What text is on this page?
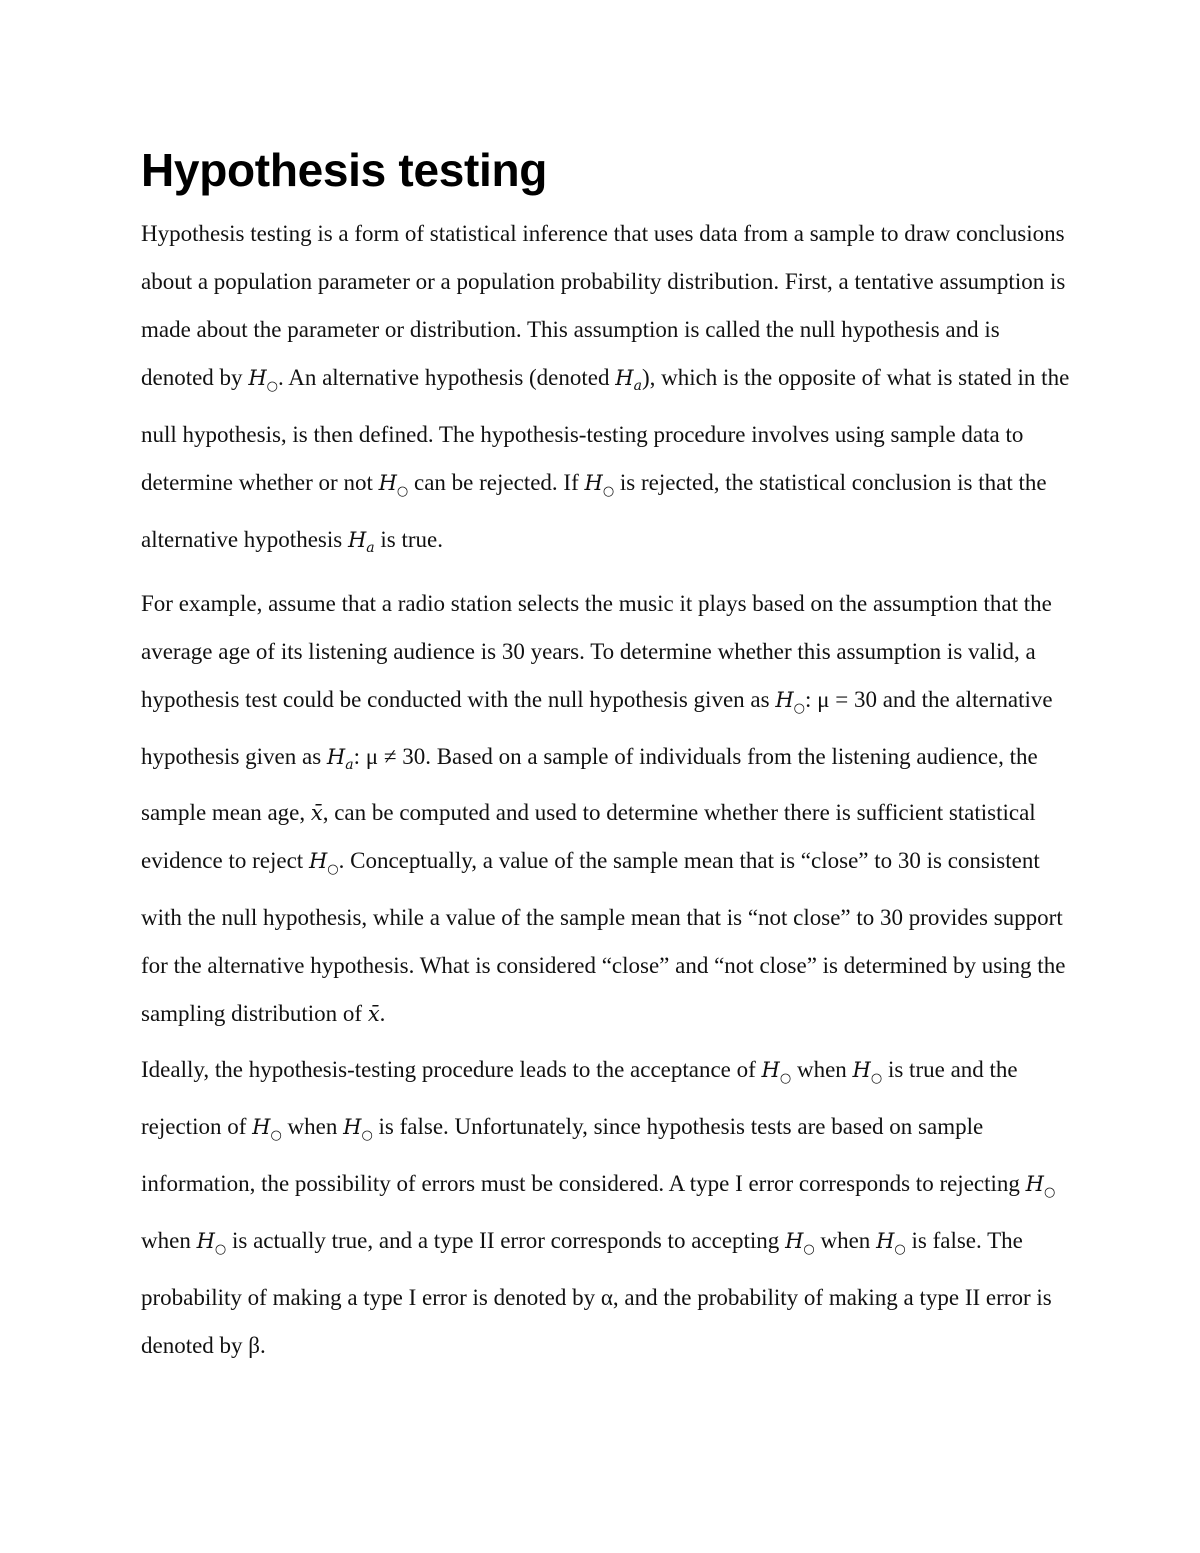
Hypothesis testing

Hypothesis testing is a form of statistical inference that uses data from a sample to draw conclusions about a population parameter or a population probability distribution. First, a tentative assumption is made about the parameter or distribution. This assumption is called the null hypothesis and is denoted by $H_○$. An alternative hypothesis (denoted $H_a$), which is the opposite of what is stated in the null hypothesis, is then defined. The hypothesis-testing procedure involves using sample data to determine whether or not $H_○$ can be rejected. If $H_○$ is rejected, the statistical conclusion is that the alternative hypothesis $H_a$ is true.

For example, assume that a radio station selects the music it plays based on the assumption that the average age of its listening audience is 30 years. To determine whether this assumption is valid, a hypothesis test could be conducted with the null hypothesis given as $H_○$: μ = 30 and the alternative hypothesis given as $H_a$: μ ≠ 30. Based on a sample of individuals from the listening audience, the sample mean age, x̄, can be computed and used to determine whether there is sufficient statistical evidence to reject $H_○$. Conceptually, a value of the sample mean that is “close” to 30 is consistent with the null hypothesis, while a value of the sample mean that is “not close” to 30 provides support for the alternative hypothesis. What is considered “close” and “not close” is determined by using the sampling distribution of x̄.

Ideally, the hypothesis-testing procedure leads to the acceptance of $H_○$ when $H_○$ is true and the rejection of $H_○$ when $H_○$ is false. Unfortunately, since hypothesis tests are based on sample information, the possibility of errors must be considered. A type I error corresponds to rejecting $H_○$ when $H_○$ is actually true, and a type II error corresponds to accepting $H_○$ when $H_○$ is false. The probability of making a type I error is denoted by α, and the probability of making a type II error is denoted by β.
